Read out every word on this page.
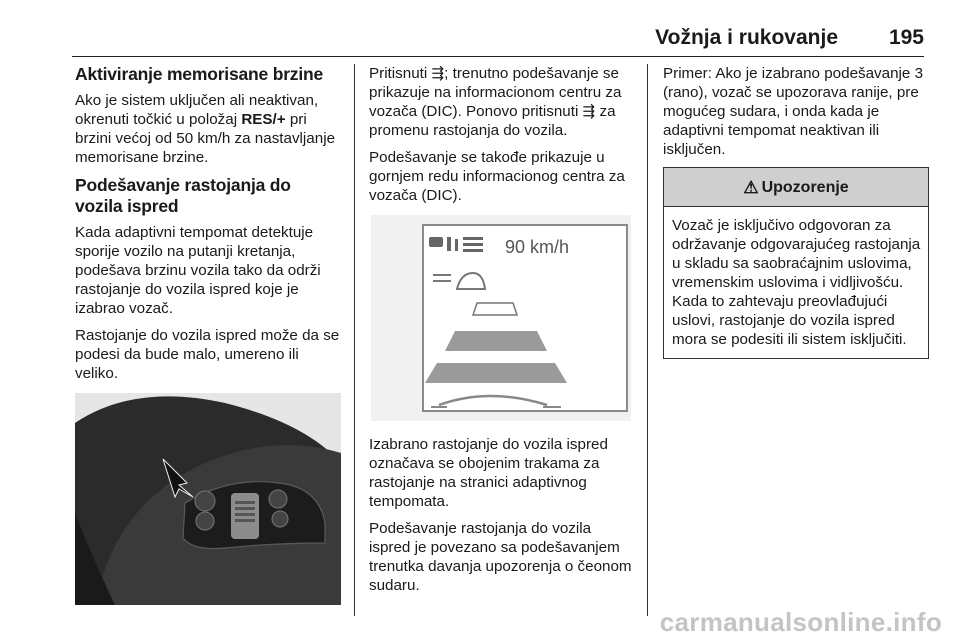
Vožnja i rukovanje 195
Aktiviranje memorisane brzine

Ako je sistem uključen ali neaktivan, okrenuti točkić u položaj RES/+ pri brzini većoj od 50 km/h za nastavljanje memorisane brzine.

Podešavanje rastojanja do vozila ispred

Kada adaptivni tempomat detektuje sporije vozilo na putanji kretanja, podešava brzinu vozila tako da održi rastojanje do vozila ispred koje je izabrao vozač.

Rastojanje do vozila ispred može da se podesi da bude malo, umereno ili veliko.

Pritisnuti ⇶; trenutno podešavanje se prikazuje na informacionom centru za vozača (DIC). Ponovo pritisnuti ⇶ za promenu rastojanja do vozila.

Podešavanje se takođe prikazuje u gornjem redu informacionog centra za vozača (DIC).

90 km/h

Izabrano rastojanje do vozila ispred označava se obojenim trakama za rastojanje na stranici adaptivnog tempomata.

Podešavanje rastojanja do vozila ispred je povezano sa podešavanjem trenutka davanja upozorenja o čeonom sudaru.

Primer: Ako je izabrano podešavanje 3 (rano), vozač se upozorava ranije, pre mogućeg sudara, i onda kada je adaptivni tempomat neaktivan ili isključen.

⚠ Upozorenje
Vozač je isključivo odgovoran za održavanje odgovarajućeg rastojanja u skladu sa saobraćajnim uslovima, vremenskim uslovima i vidljivošću. Kada to zahtevaju preovlađujući uslovi, rastojanje do vozila ispred mora se podesiti ili sistem isključiti.
carmanualsonline.info
